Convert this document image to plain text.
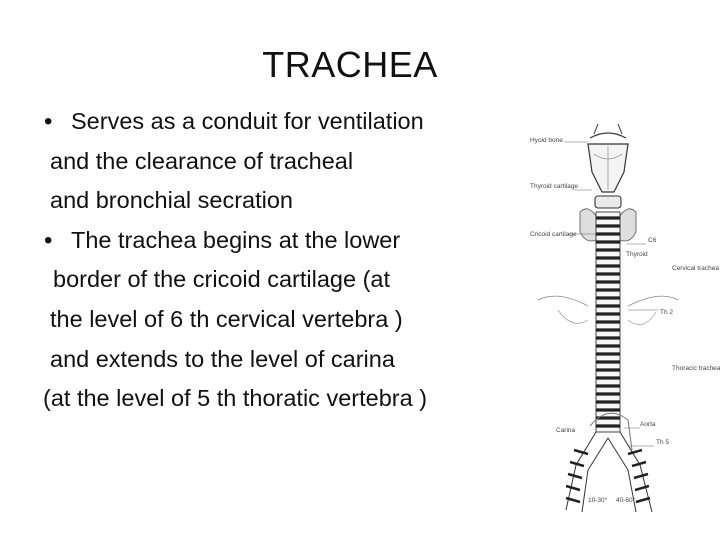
TRACHEA
• Serves as a conduit for ventilation
and the clearance of tracheal
and bronchial secration
• The trachea begins at the lower
border of the cricoid cartilage (at
the level of 6 th cervical vertebra )
and extends to the level of carina
(at the level of 5 th thoratic vertebra )
Hyoid bone
Thyroid cartilage
Cricoid cartilage
Carina
Thyroid
C6
Cervical trachea
Th 2
Thoracic trachea
Aorta
Th 5
10-30° 40-60°
